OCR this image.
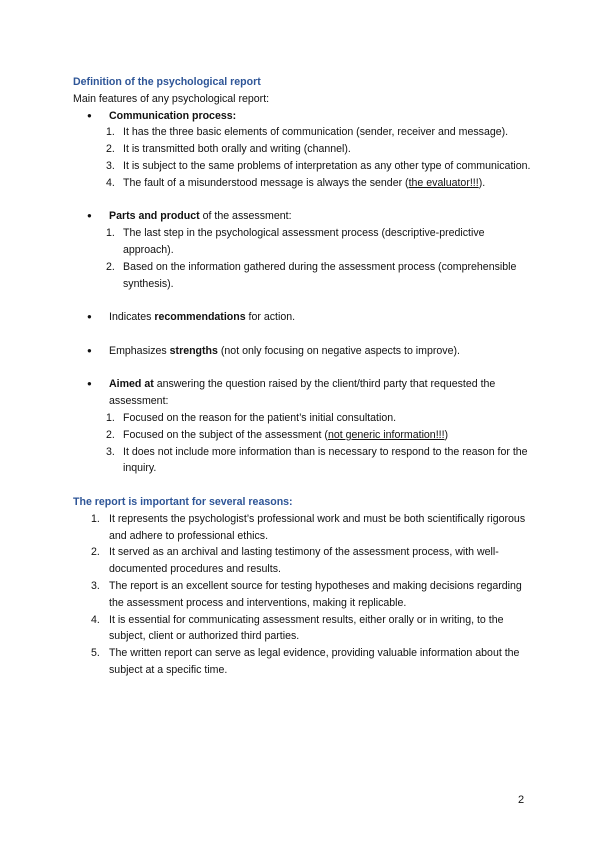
Definition of the psychological report

Main features of any psychological report:

● Communication process:
1. It has the three basic elements of communication (sender, receiver and message).
2. It is transmitted both orally and writing (channel).
3. It is subject to the same problems of interpretation as any other type of communication.
4. The fault of a misunderstood message is always the sender (the evaluator!!!).
● Parts and product of the assessment:
1. The last step in the psychological assessment process (descriptive-predictive approach).
2. Based on the information gathered during the assessment process (comprehensible synthesis).
● Indicates recommendations for action.
● Emphasizes strengths (not only focusing on negative aspects to improve).
● Aimed at answering the question raised by the client/third party that requested the assessment:
1. Focused on the reason for the patient’s initial consultation.
2. Focused on the subject of the assessment (not generic information!!!)
3. It does not include more information than is necessary to respond to the reason for the inquiry.

The report is important for several reasons:

1. It represents the psychologist’s professional work and must be both scientifically rigorous and adhere to professional ethics.
2. It served as an archival and lasting testimony of the assessment process, with well-documented procedures and results.
3. The report is an excellent source for testing hypotheses and making decisions regarding the assessment process and interventions, making it replicable.
4. It is essential for communicating assessment results, either orally or in writing, to the subject, client or authorized third parties.
5. The written report can serve as legal evidence, providing valuable information about the subject at a specific time.
2
